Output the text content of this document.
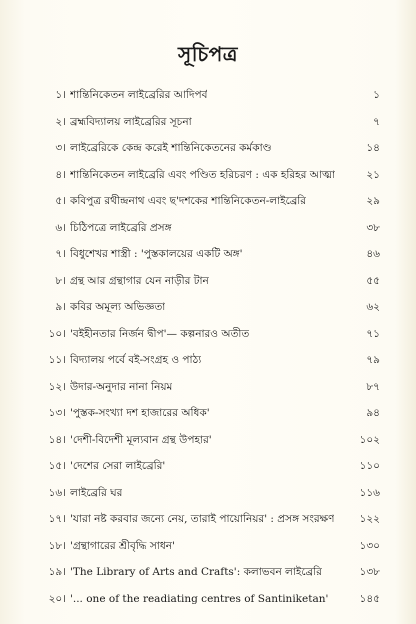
সূচিপত্র
১। শান্তিনিকেতন লাইব্রেরির আদিপর্ব	১
২। ব্রহ্মবিদ্যালয় লাইব্রেরির সূচনা	৭
৩। লাইব্রেরিকে কেন্দ্র করেই শান্তিনিকেতনের কর্মকাণ্ড	১৪
৪। শান্তিনিকেতন লাইব্রেরি এবং পণ্ডিত হরিচরণ : এক হরিহর আত্মা	২১
৫। কবিপুত্র রথীন্দ্রনাথ এবং ছ'দশকের শান্তিনিকেতন-লাইব্রেরি	২৯
৬। চিঠিপত্রে লাইব্রেরি প্রসঙ্গ	৩৮
৭। বিধুশেখর শাস্ত্রী : 'পুস্তকালয়ের একটি অঙ্গ'	৪৬
৮। গ্রন্থ আর গ্রন্থাগার যেন নাড়ীর টান	৫৫
৯। কবির অমূল্য অভিজ্ঞতা	৬২
১০। 'বইহীনতার নির্জন দ্বীপ'— কল্পনারও অতীত	৭১
১১। বিদ্যালয় পর্বে বই-সংগ্রহ ও পাঠ্য	৭৯
১২। উদার-অনুদার নানা নিয়ম	৮৭
১৩। 'পুস্তক-সংখ্যা দশ হাজারের অধিক'	৯৪
১৪। 'দেশী-বিদেশী মূল্যবান গ্রন্থ উপহার'	১০২
১৫। 'দেশের সেরা লাইব্রেরি'	১১০
১৬। লাইব্রেরি ঘর	১১৬
১৭। 'যারা নষ্ট করবার জন্যে নেয়, তারাই পায়োনিয়র' : প্রসঙ্গ সংরক্ষণ	১২২
১৮। 'গ্রন্থাগারের শ্রীবৃদ্ধি সাধন'	১৩০
১৯। 'The Library of Arts and Crafts': কলাভবন লাইব্রেরি	১৩৮
২০। '... one of the readiating centres of Santiniketan'	১৪৫
